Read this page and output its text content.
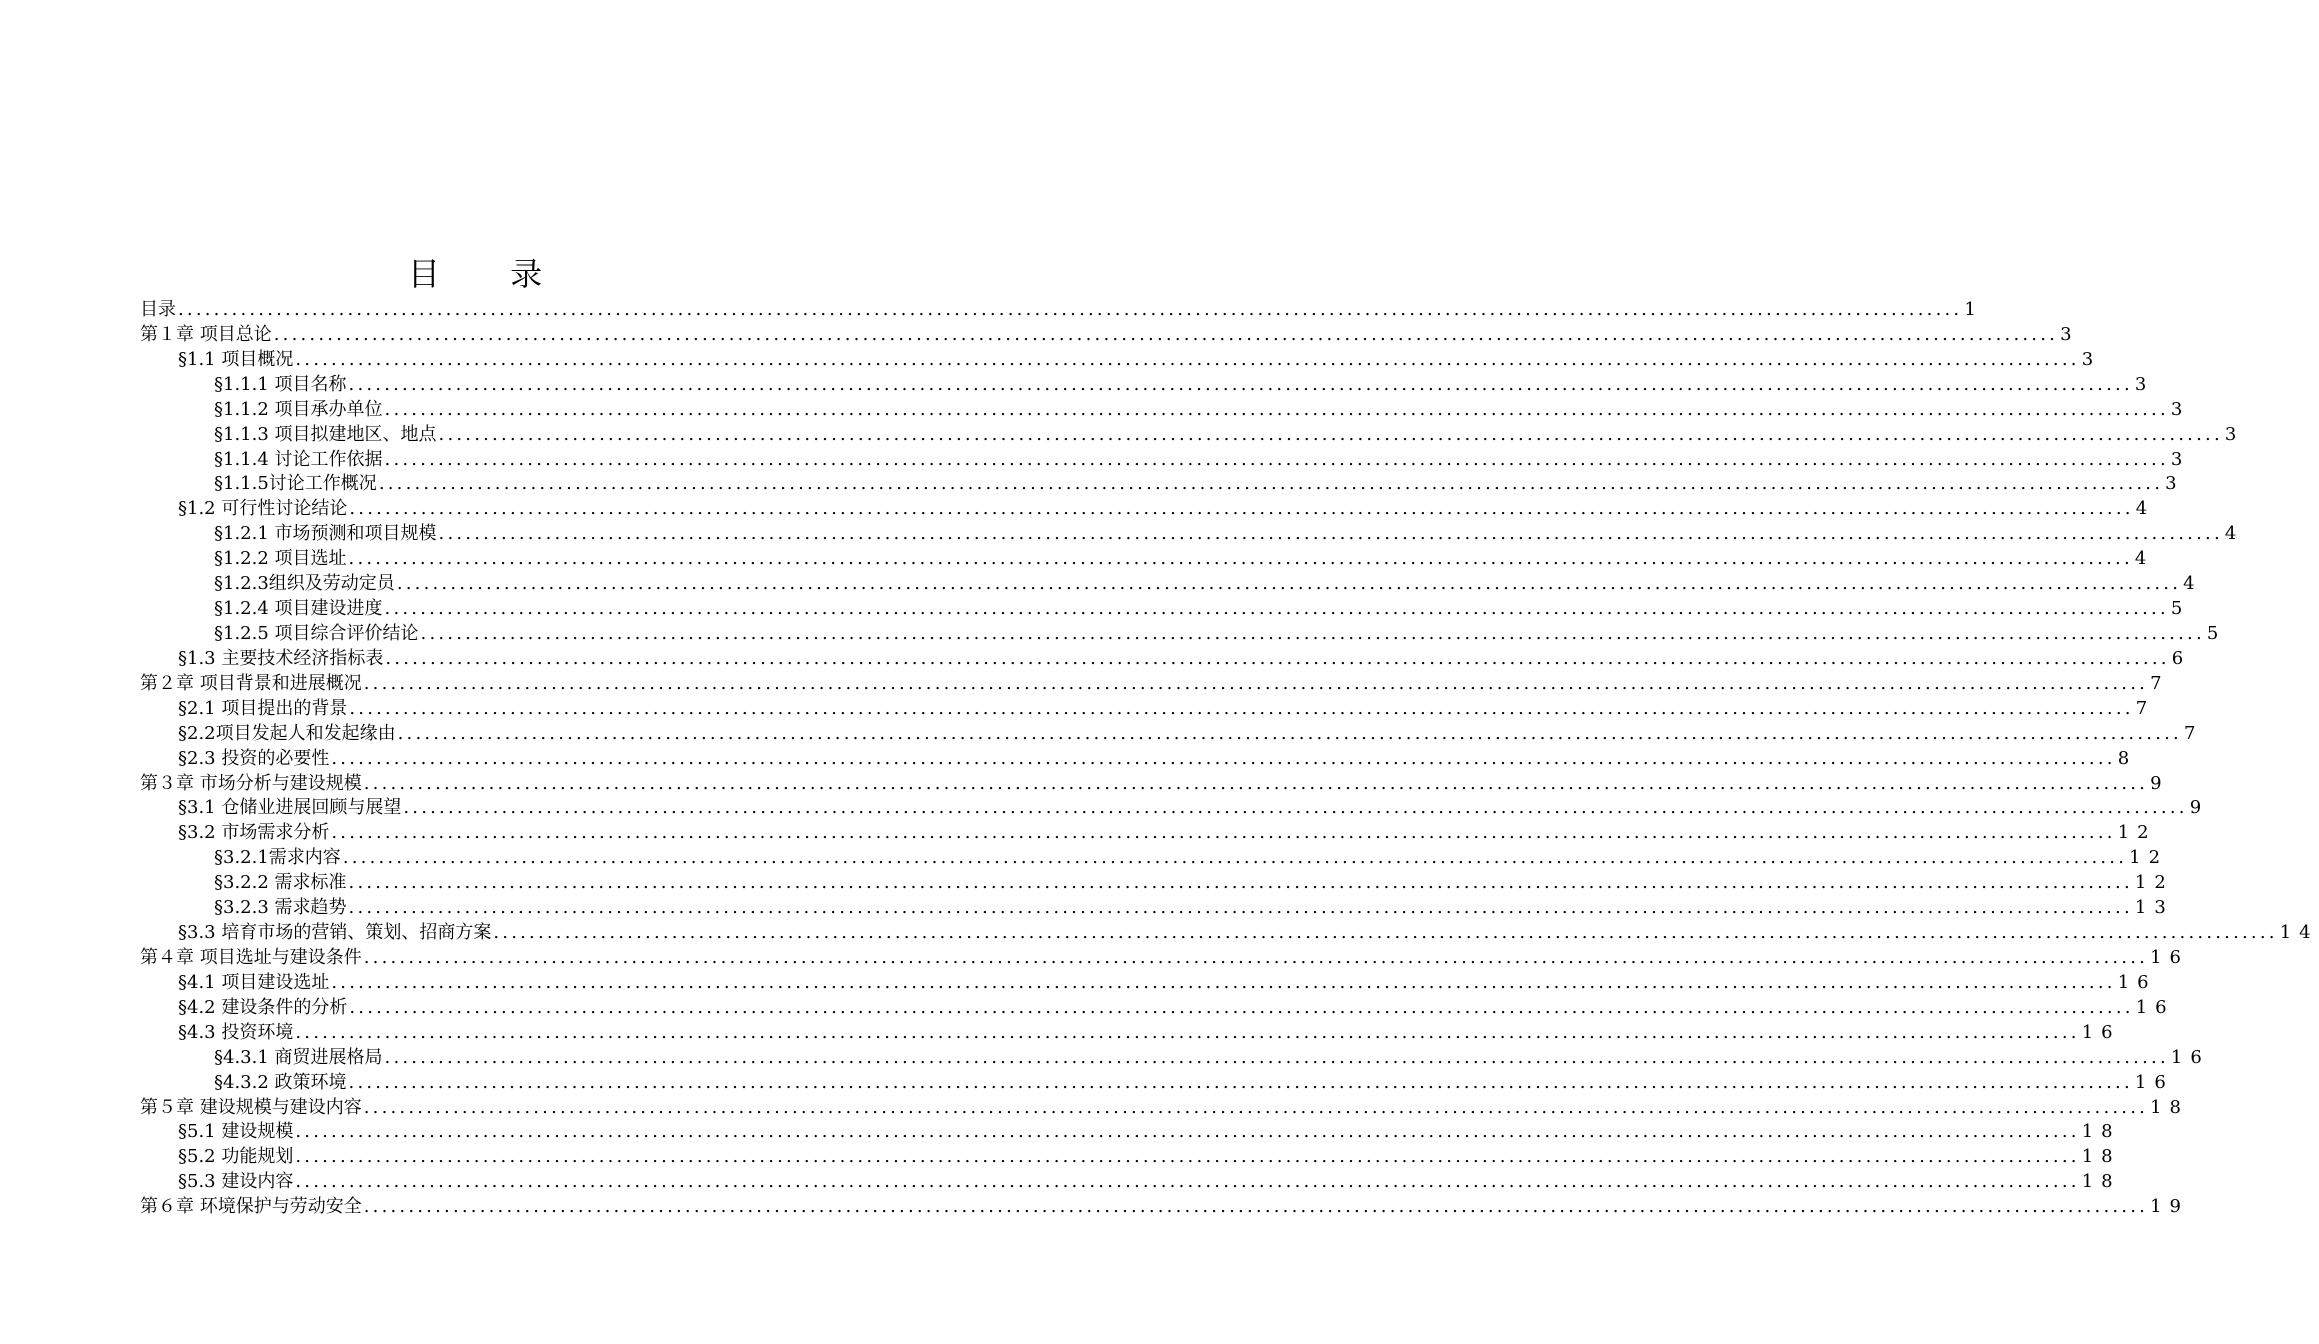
目 录
目录 ........................................................................................................................................................................................................ 1
第１章 项目总论 ........................................................................................................................................................................................................ 3
§1.1 项目概况 ........................................................................................................................................................................................................ 3
§1.1.1 项目名称 ........................................................................................................................................................................................................ 3
§1.1.2 项目承办单位 ........................................................................................................................................................................................................ 3
§1.1.3 项目拟建地区、地点 ........................................................................................................................................................................................................ 3
§1.1.4 讨论工作依据 ........................................................................................................................................................................................................ 3
§1.1.5讨论工作概况 ........................................................................................................................................................................................................ 3
§1.2 可行性讨论结论 ........................................................................................................................................................................................................ 4
§1.2.1 市场预测和项目规模 ........................................................................................................................................................................................................ 4
§1.2.2 项目选址 ........................................................................................................................................................................................................ 4
§1.2.3组织及劳动定员 ........................................................................................................................................................................................................ 4
§1.2.4 项目建设进度 ........................................................................................................................................................................................................ 5
§1.2.5 项目综合评价结论 ........................................................................................................................................................................................................ 5
§1.3 主要技术经济指标表 ........................................................................................................................................................................................................ 6
第２章 项目背景和进展概况 ........................................................................................................................................................................................................ 7
§2.1 项目提出的背景 ........................................................................................................................................................................................................ 7
§2.2项目发起人和发起缘由 ........................................................................................................................................................................................................ 7
§2.3 投资的必要性 ........................................................................................................................................................................................................ 8
第３章 市场分析与建设规模 ........................................................................................................................................................................................................ 9
§3.1 仓储业进展回顾与展望 ........................................................................................................................................................................................................ 9
§3.2 市场需求分析 ........................................................................................................................................................................................................ 12
§3.2.1需求内容 ........................................................................................................................................................................................................ 12
§3.2.2 需求标准 ........................................................................................................................................................................................................ 12
§3.2.3 需求趋势 ........................................................................................................................................................................................................ 13
§3.3 培育市场的营销、策划、招商方案 ........................................................................................................................................................................................................ 14
第４章 项目选址与建设条件 ........................................................................................................................................................................................................ 16
§4.1 项目建设选址 ........................................................................................................................................................................................................ 16
§4.2 建设条件的分析 ........................................................................................................................................................................................................ 16
§4.3 投资环境 ........................................................................................................................................................................................................ 16
§4.3.1 商贸进展格局 ........................................................................................................................................................................................................ 16
§4.3.2 政策环境 ........................................................................................................................................................................................................ 16
第５章 建设规模与建设内容 ........................................................................................................................................................................................................ 18
§5.1 建设规模 ........................................................................................................................................................................................................ 18
§5.2 功能规划 ........................................................................................................................................................................................................ 18
§5.3 建设内容 ........................................................................................................................................................................................................ 18
第６章 环境保护与劳动安全 ........................................................................................................................................................................................................ 19
